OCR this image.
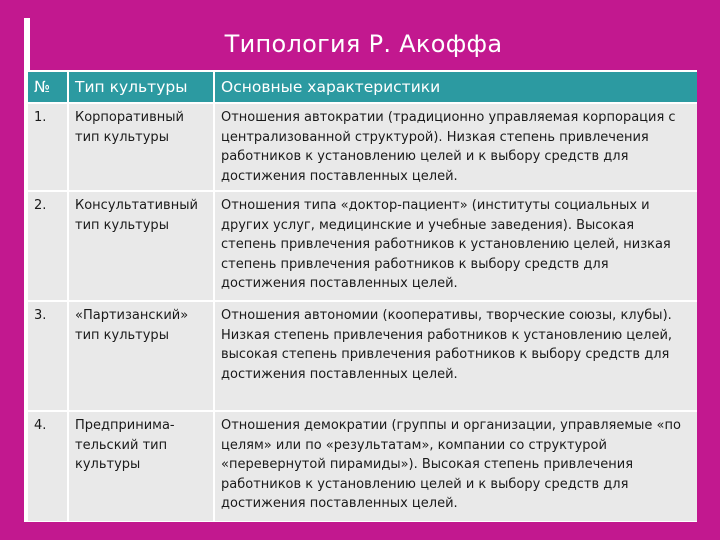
Типология Р. Акоффа
№	Тип культуры	Основные характеристики
1.	Корпоративный тип культуры	Отношения автократии (традиционно управляемая корпорация с централизованной структурой). Низкая степень привлечения работников к установлению целей и к выбору средств для достижения поставленных целей.
2.	Консультативный тип культуры	Отношения типа «доктор-пациент» (институты социальных и других услуг, медицинские и учебные заведения). Высокая степень привлечения работников к установлению целей, низкая степень привлечения работников к выбору средств для достижения поставленных целей.
3.	«Партизанский» тип культуры	Отношения автономии (кооперативы, творческие союзы, клубы). Низкая степень привлечения работников к установлению целей, высокая степень привлечения работников к выбору средств для достижения поставленных целей.
4.	Предпринима-тельский тип культуры	Отношения демократии (группы и организации, управляемые «по целям» или по «результатам», компании со структурой «перевернутой пирамиды»). Высокая степень привлечения работников к установлению целей и к выбору средств для достижения поставленных целей.
